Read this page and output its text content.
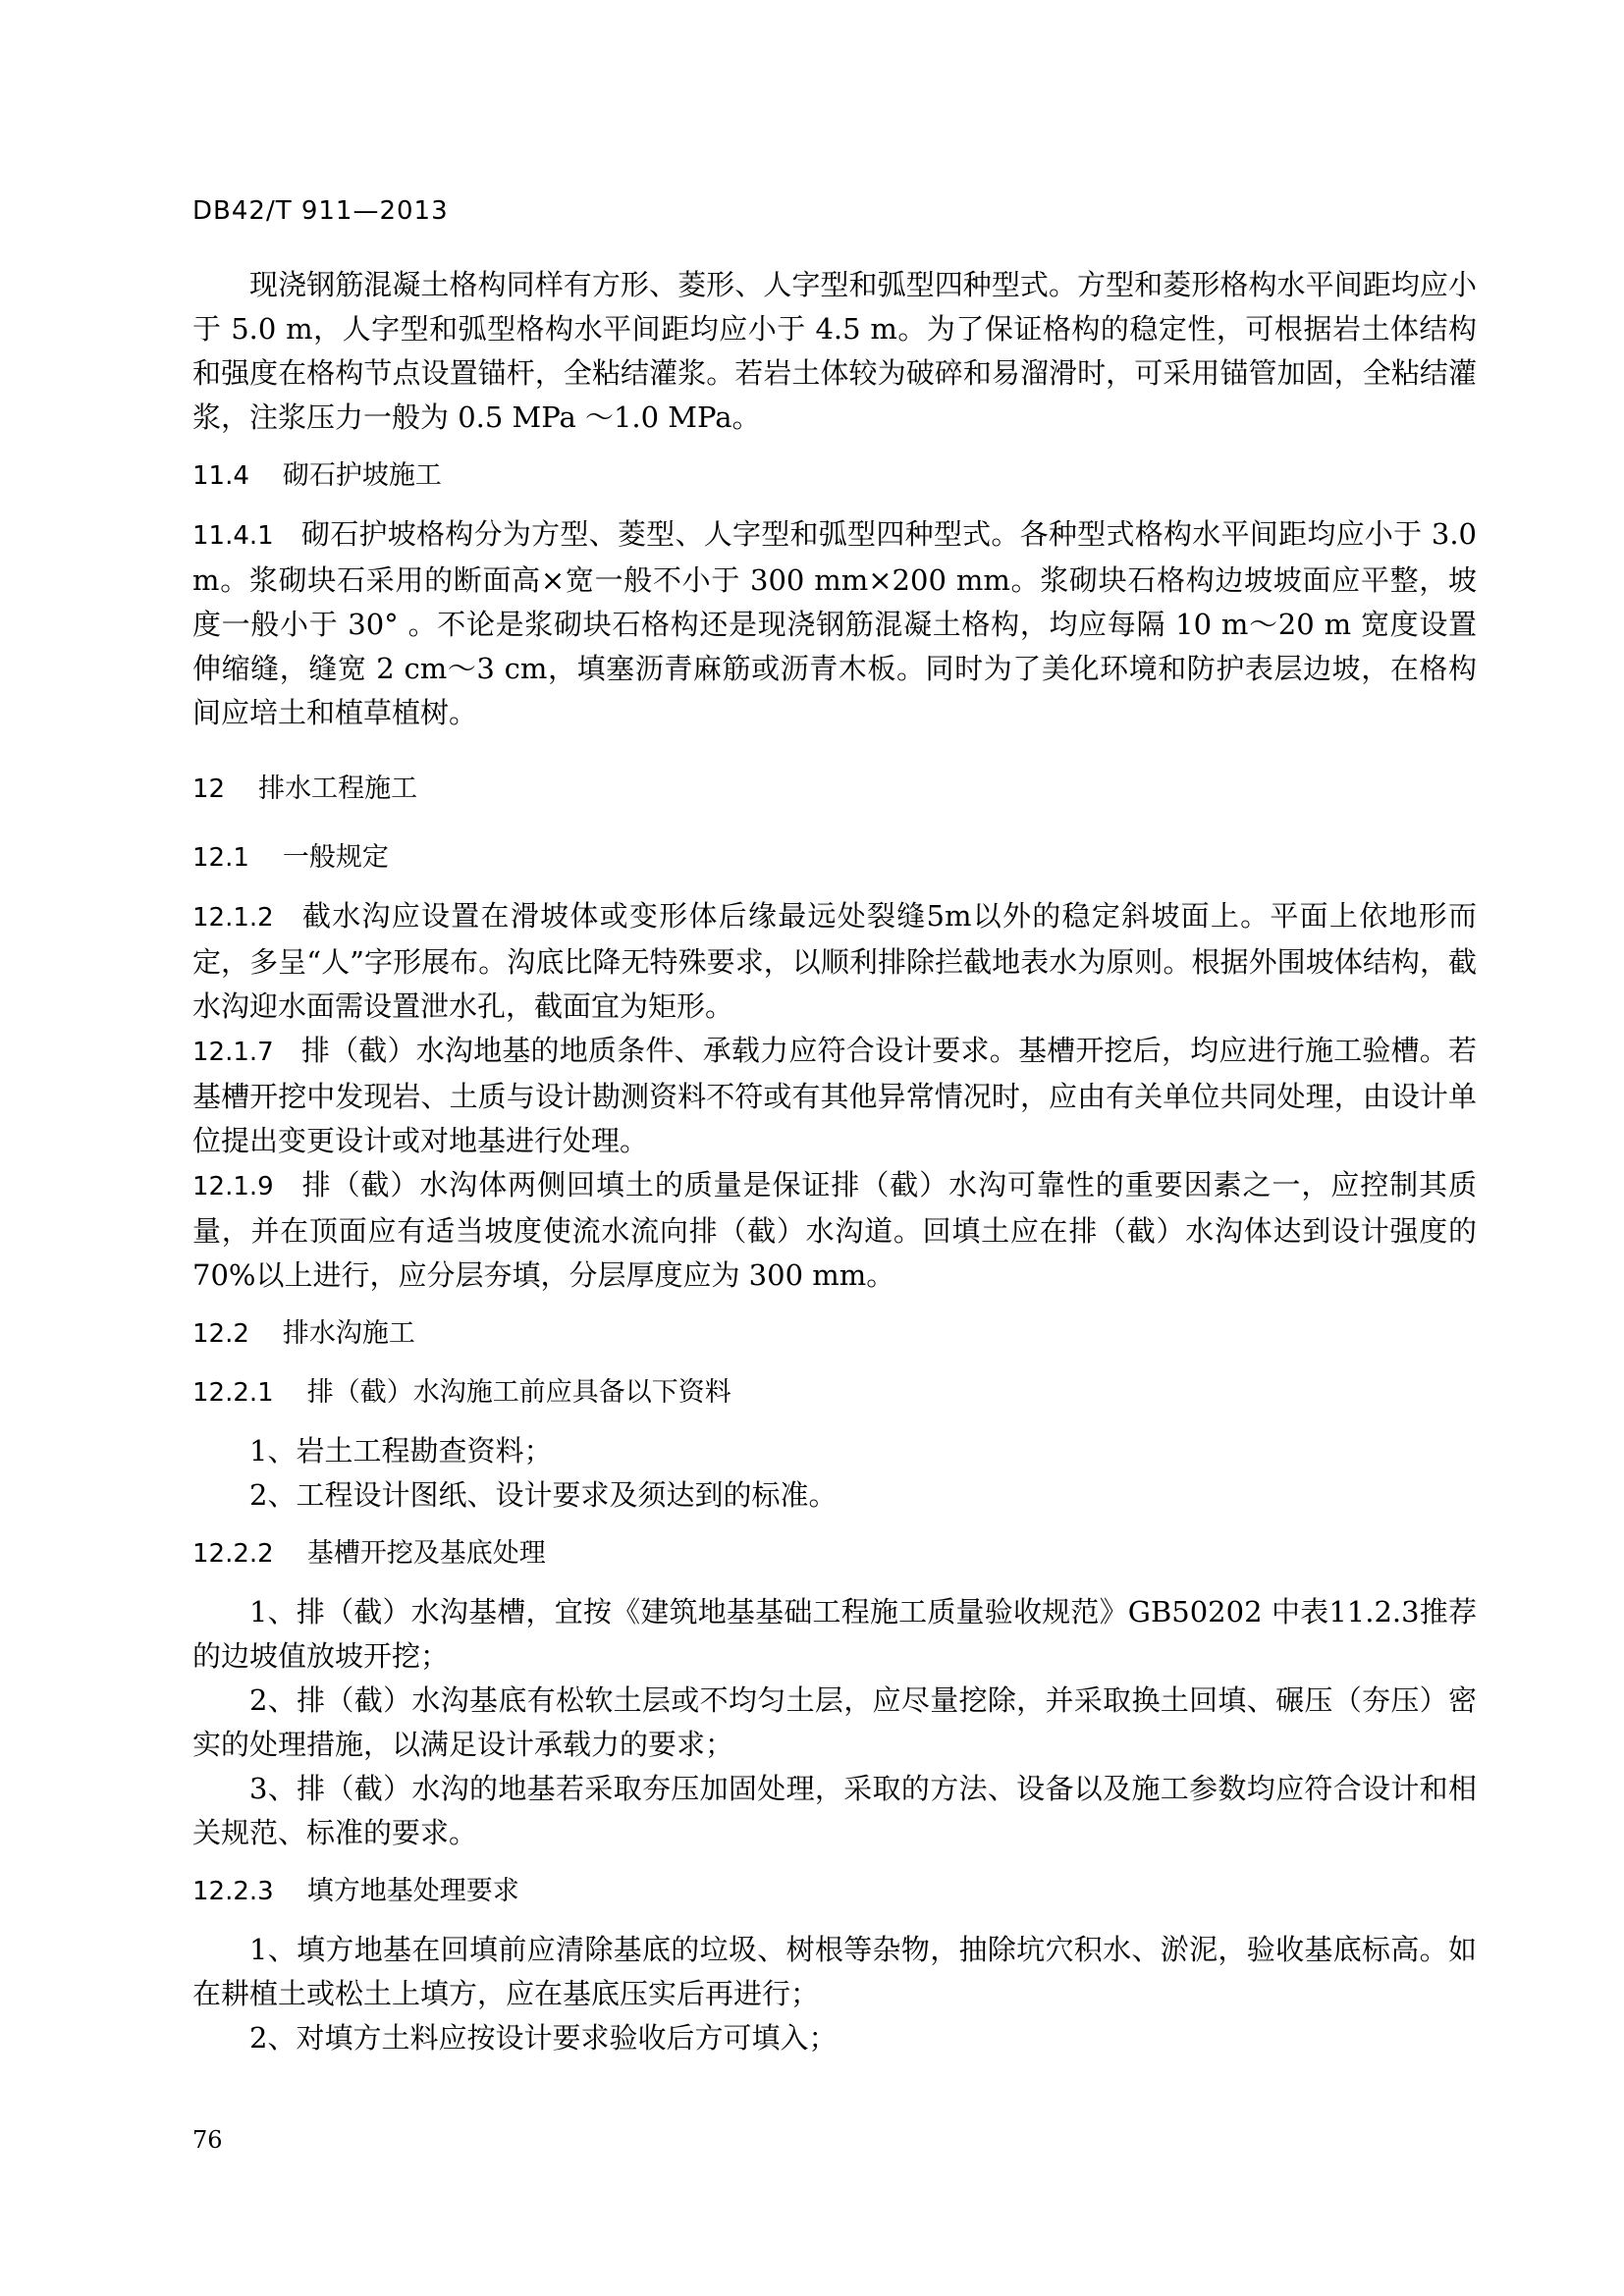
DB42/T 911—2013

现浇钢筋混凝土格构同样有方形、菱形、人字型和弧型四种型式。方型和菱形格构水平间距均应小于 5.0 m，人字型和弧型格构水平间距均应小于 4.5 m。为了保证格构的稳定性，可根据岩土体结构和强度在格构节点设置锚杆，全粘结灌浆。若岩土体较为破碎和易溜滑时，可采用锚管加固，全粘结灌浆，注浆压力一般为 0.5 MPa ～1.0 MPa。

11.4 砌石护坡施工

11.4.1 砌石护坡格构分为方型、菱型、人字型和弧型四种型式。各种型式格构水平间距均应小于 3.0 m。浆砌块石采用的断面高×宽一般不小于 300 mm×200 mm。浆砌块石格构边坡坡面应平整，坡度一般小于 30° 。不论是浆砌块石格构还是现浇钢筋混凝土格构，均应每隔 10 m～20 m 宽度设置伸缩缝，缝宽 2 cm～3 cm，填塞沥青麻筋或沥青木板。同时为了美化环境和防护表层边坡，在格构间应培土和植草植树。

12 排水工程施工
12.1 一般规定

12.1.2 截水沟应设置在滑坡体或变形体后缘最远处裂缝5m以外的稳定斜坡面上。平面上依地形而定，多呈“人”字形展布。沟底比降无特殊要求，以顺利排除拦截地表水为原则。根据外围坡体结构，截水沟迎水面需设置泄水孔，截面宜为矩形。

12.1.7 排（截）水沟地基的地质条件、承载力应符合设计要求。基槽开挖后，均应进行施工验槽。若基槽开挖中发现岩、土质与设计勘测资料不符或有其他异常情况时，应由有关单位共同处理，由设计单位提出变更设计或对地基进行处理。

12.1.9 排（截）水沟体两侧回填土的质量是保证排（截）水沟可靠性的重要因素之一，应控制其质量，并在顶面应有适当坡度使流水流向排（截）水沟道。回填土应在排（截）水沟体达到设计强度的70%以上进行，应分层夯填，分层厚度应为 300 mm。

12.2 排水沟施工
12.2.1 排（截）水沟施工前应具备以下资料

1、岩土工程勘查资料；

2、工程设计图纸、设计要求及须达到的标准。

12.2.2 基槽开挖及基底处理

1、排（截）水沟基槽，宜按《建筑地基基础工程施工质量验收规范》GB50202 中表11.2.3推荐的边坡值放坡开挖；

2、排（截）水沟基底有松软土层或不均匀土层，应尽量挖除，并采取换土回填、碾压（夯压）密实的处理措施，以满足设计承载力的要求；

3、排（截）水沟的地基若采取夯压加固处理，采取的方法、设备以及施工参数均应符合设计和相关规范、标准的要求。

12.2.3 填方地基处理要求

1、填方地基在回填前应清除基底的垃圾、树根等杂物，抽除坑穴积水、淤泥，验收基底标高。如在耕植土或松土上填方，应在基底压实后再进行；

2、对填方土料应按设计要求验收后方可填入；

76
